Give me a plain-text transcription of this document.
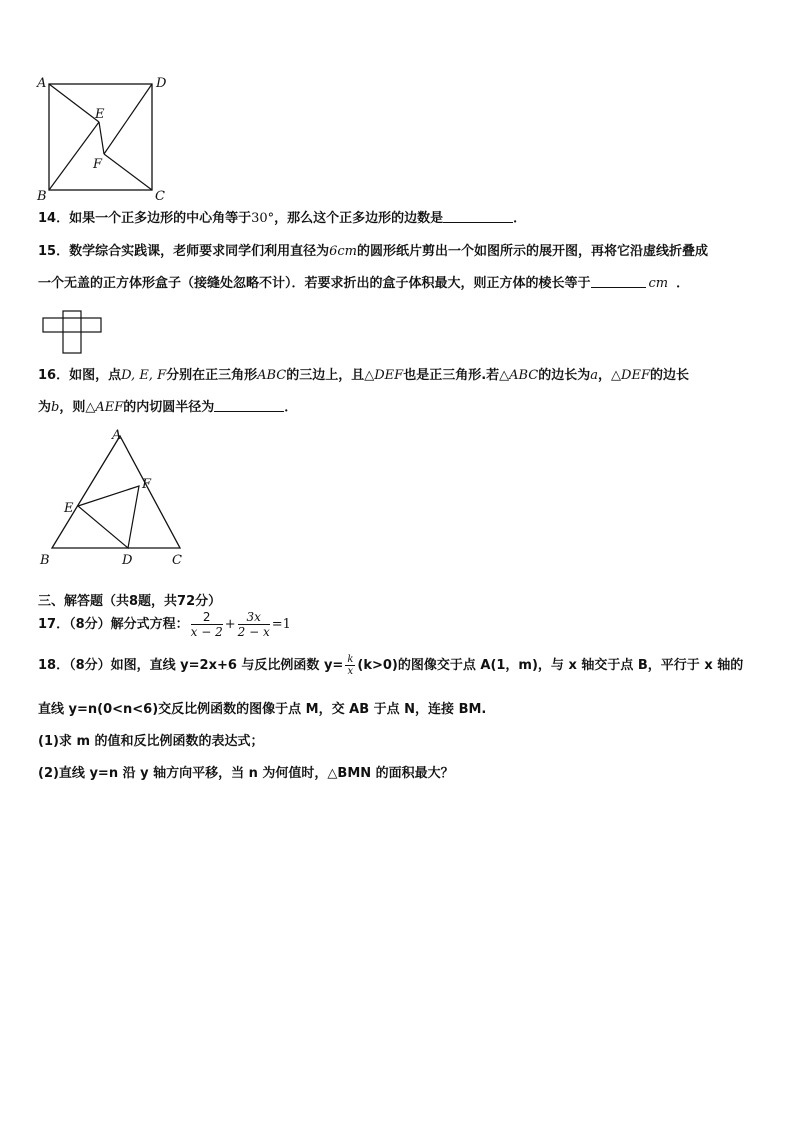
A	D
E
F
B	C
14．如果一个正多边形的中心角等于30°，那么这个正多边形的边数是	．
15．数学综合实践课，老师要求同学们利用直径为6cm的圆形纸片剪出一个如图所示的展开图，再将它沿虚线折叠成
一个无盖的正方体形盒子（接缝处忽略不计）．若要求折出的盒子体积最大，则正方体的棱长等于	cm ．
16．如图，点D, E, F分别在正三角形ABC的三边上，且△DEF也是正三角形.若△ABC的边长为a，△DEF的边长
为b，则△AEF的内切圆半径为	．
A
F
E
B	D	C
三、解答题（共8题，共72分）
17．（8分）解分式方程： $\frac{2}{x - 2} + \frac{3x}{2 - x} =1$
18．（8分）如图，直线 y=2x+6 与反比例函数 $y= \frac{k}{x} (k>0)$的图像交于点 A(1，m)，与 x 轴交于点 B，平行于 x 轴的
直线 y=n(0<n<6)交反比例函数的图像于点 M，交 AB 于点 N，连接 BM.
(1)求 m 的值和反比例函数的表达式；
(2)直线 y=n 沿 y 轴方向平移，当 n 为何值时，△BMN 的面积最大？
